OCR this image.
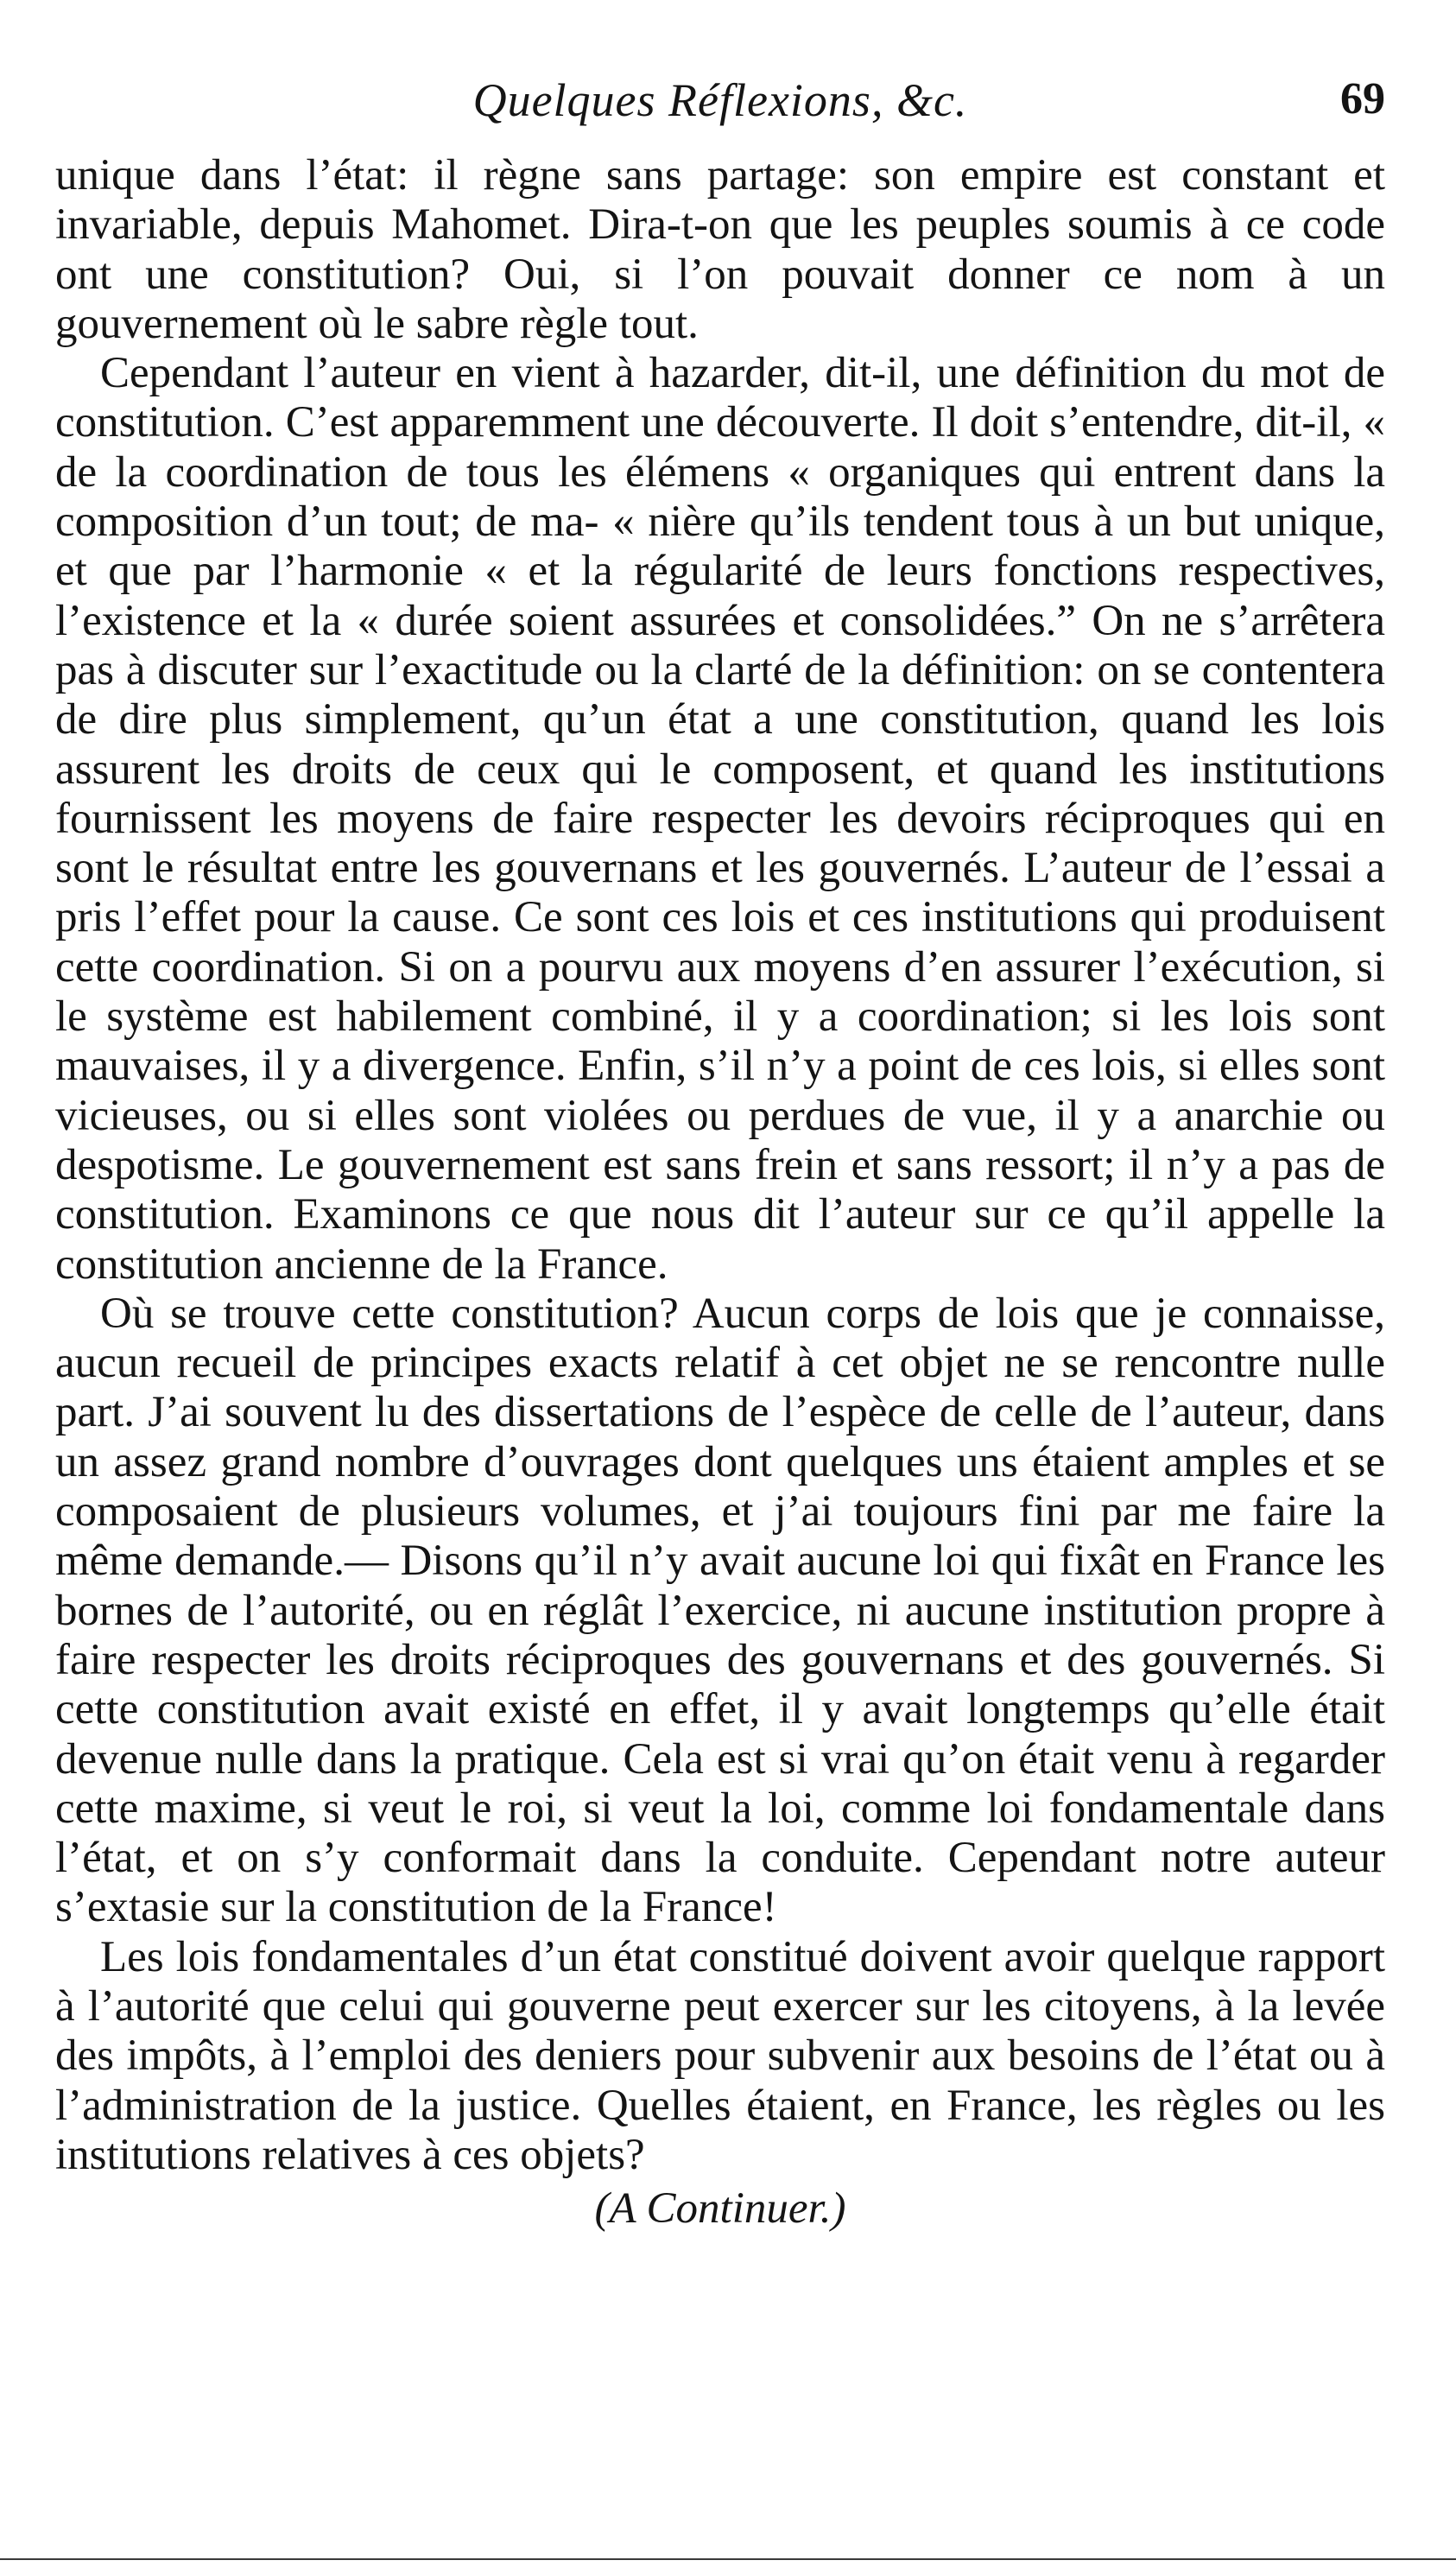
Quelques Réflexions, &c.	69

unique dans l’état: il règne sans partage: son empire est constant et invariable, depuis Mahomet. Dira-t-on que les peuples soumis à ce code ont une constitution? Oui, si l’on pouvait donner ce nom à un gouvernement où le sabre règle tout.

Cependant l’auteur en vient à hazarder, dit-il, une définition du mot de constitution. C’est apparemment une découverte. Il doit s’entendre, dit-il, « de la coordination de tous les élémens « organiques qui entrent dans la composition d’un tout; de ma- « nière qu’ils tendent tous à un but unique, et que par l’harmonie « et la régularité de leurs fonctions respectives, l’existence et la « durée soient assurées et consolidées.” On ne s’arrêtera pas à discuter sur l’exactitude ou la clarté de la définition: on se contentera de dire plus simplement, qu’un état a une constitution, quand les lois assurent les droits de ceux qui le composent, et quand les institutions fournissent les moyens de faire respecter les devoirs réciproques qui en sont le résultat entre les gouvernans et les gouvernés. L’auteur de l’essai a pris l’effet pour la cause. Ce sont ces lois et ces institutions qui produisent cette coordination. Si on a pourvu aux moyens d’en assurer l’exécution, si le système est habilement combiné, il y a coordination; si les lois sont mauvaises, il y a divergence. Enfin, s’il n’y a point de ces lois, si elles sont vicieuses, ou si elles sont violées ou perdues de vue, il y a anarchie ou despotisme. Le gouvernement est sans frein et sans ressort; il n’y a pas de constitution. Examinons ce que nous dit l’auteur sur ce qu’il appelle la constitution ancienne de la France.

Où se trouve cette constitution? Aucun corps de lois que je connaisse, aucun recueil de principes exacts relatif à cet objet ne se rencontre nulle part. J’ai souvent lu des dissertations de l’espèce de celle de l’auteur, dans un assez grand nombre d’ouvrages dont quelques uns étaient amples et se composaient de plusieurs volumes, et j’ai toujours fini par me faire la même demande.— Disons qu’il n’y avait aucune loi qui fixât en France les bornes de l’autorité, ou en réglât l’exercice, ni aucune institution propre à faire respecter les droits réciproques des gouvernans et des gouvernés. Si cette constitution avait existé en effet, il y avait longtemps qu’elle était devenue nulle dans la pratique. Cela est si vrai qu’on était venu à regarder cette maxime, si veut le roi, si veut la loi, comme loi fondamentale dans l’état, et on s’y conformait dans la conduite. Cependant notre auteur s’extasie sur la constitution de la France!

Les lois fondamentales d’un état constitué doivent avoir quelque rapport à l’autorité que celui qui gouverne peut exercer sur les citoyens, à la levée des impôts, à l’emploi des deniers pour subvenir aux besoins de l’état ou à l’administration de la justice. Quelles étaient, en France, les règles ou les institutions relatives à ces objets?

(A Continuer.)
